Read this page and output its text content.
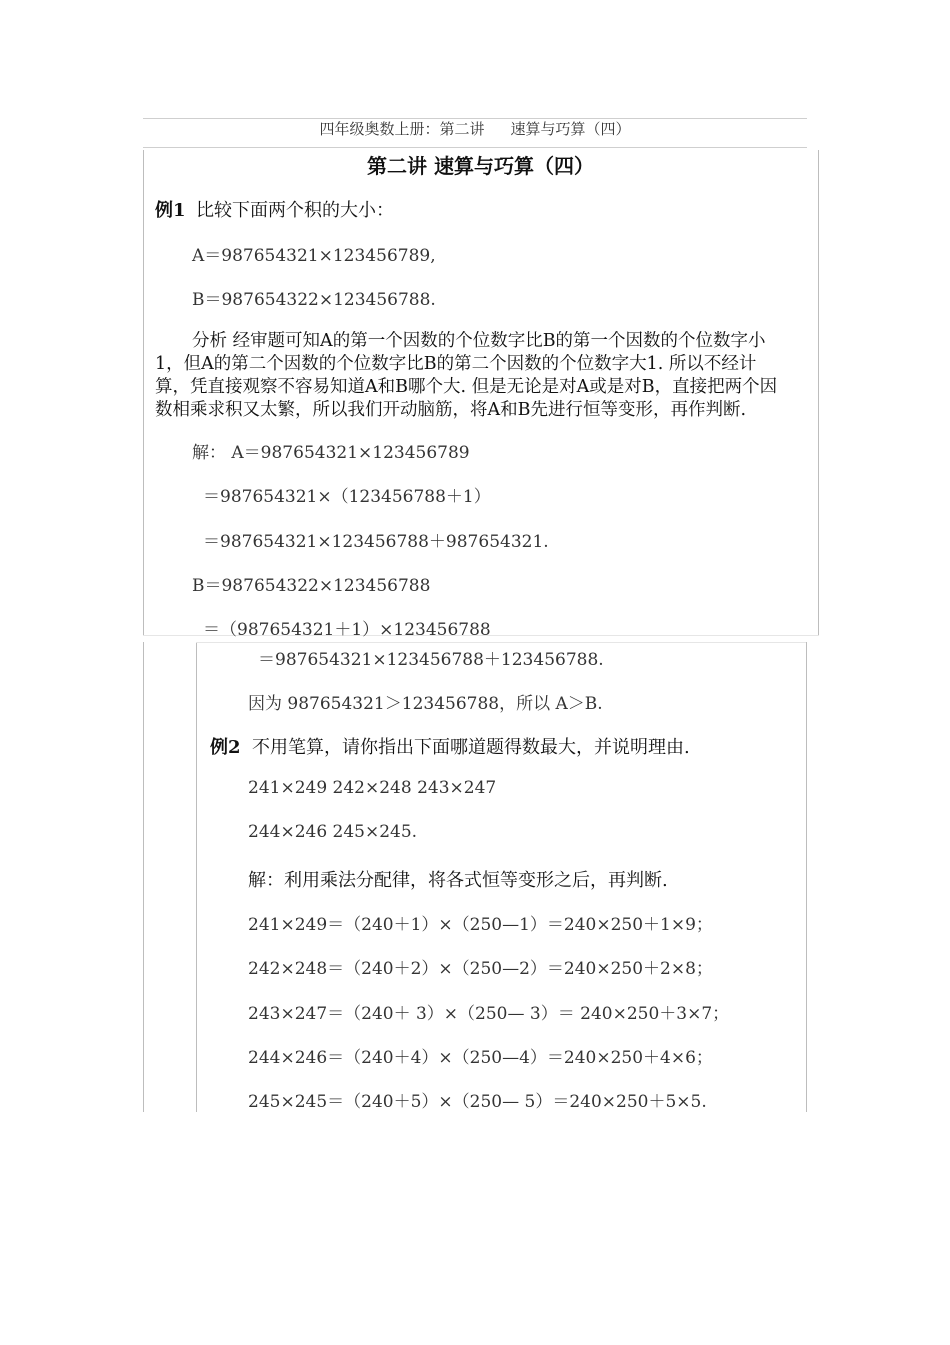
四年级奥数上册：第二讲 速算与巧算（四）
第二讲 速算与巧算（四）
例1 比较下面两个积的大小：
A＝987654321×123456789,
B＝987654322×123456788.
分析 经审题可知A的第一个因数的个位数字比B的第一个因数的个位数字小
1，但A的第二个因数的个位数字比B的第二个因数的个位数字大1. 所以不经计
算，凭直接观察不容易知道A和B哪个大. 但是无论是对A或是对B，直接把两个因
数相乘求积又太繁，所以我们开动脑筋，将A和B先进行恒等变形，再作判断.
解： A＝987654321×123456789
＝987654321×（123456788＋1）
＝987654321×123456788＋987654321.
B＝987654322×123456788
＝（987654321＋1）×123456788
＝987654321×123456788＋123456788.
因为 987654321＞123456788，所以 A＞B.
例2 不用笔算，请你指出下面哪道题得数最大，并说明理由.
241×249 242×248 243×247
244×246 245×245.
解：利用乘法分配律，将各式恒等变形之后，再判断.
241×249＝（240＋1）×（250—1）＝240×250＋1×9；
242×248＝（240＋2）×（250—2）＝240×250＋2×8；
243×247＝（240＋ 3）×（250— 3）＝ 240×250＋3×7；
244×246＝（240＋4）×（250—4）＝240×250＋4×6；
245×245＝（240＋5）×（250— 5）＝240×250＋5×5.
